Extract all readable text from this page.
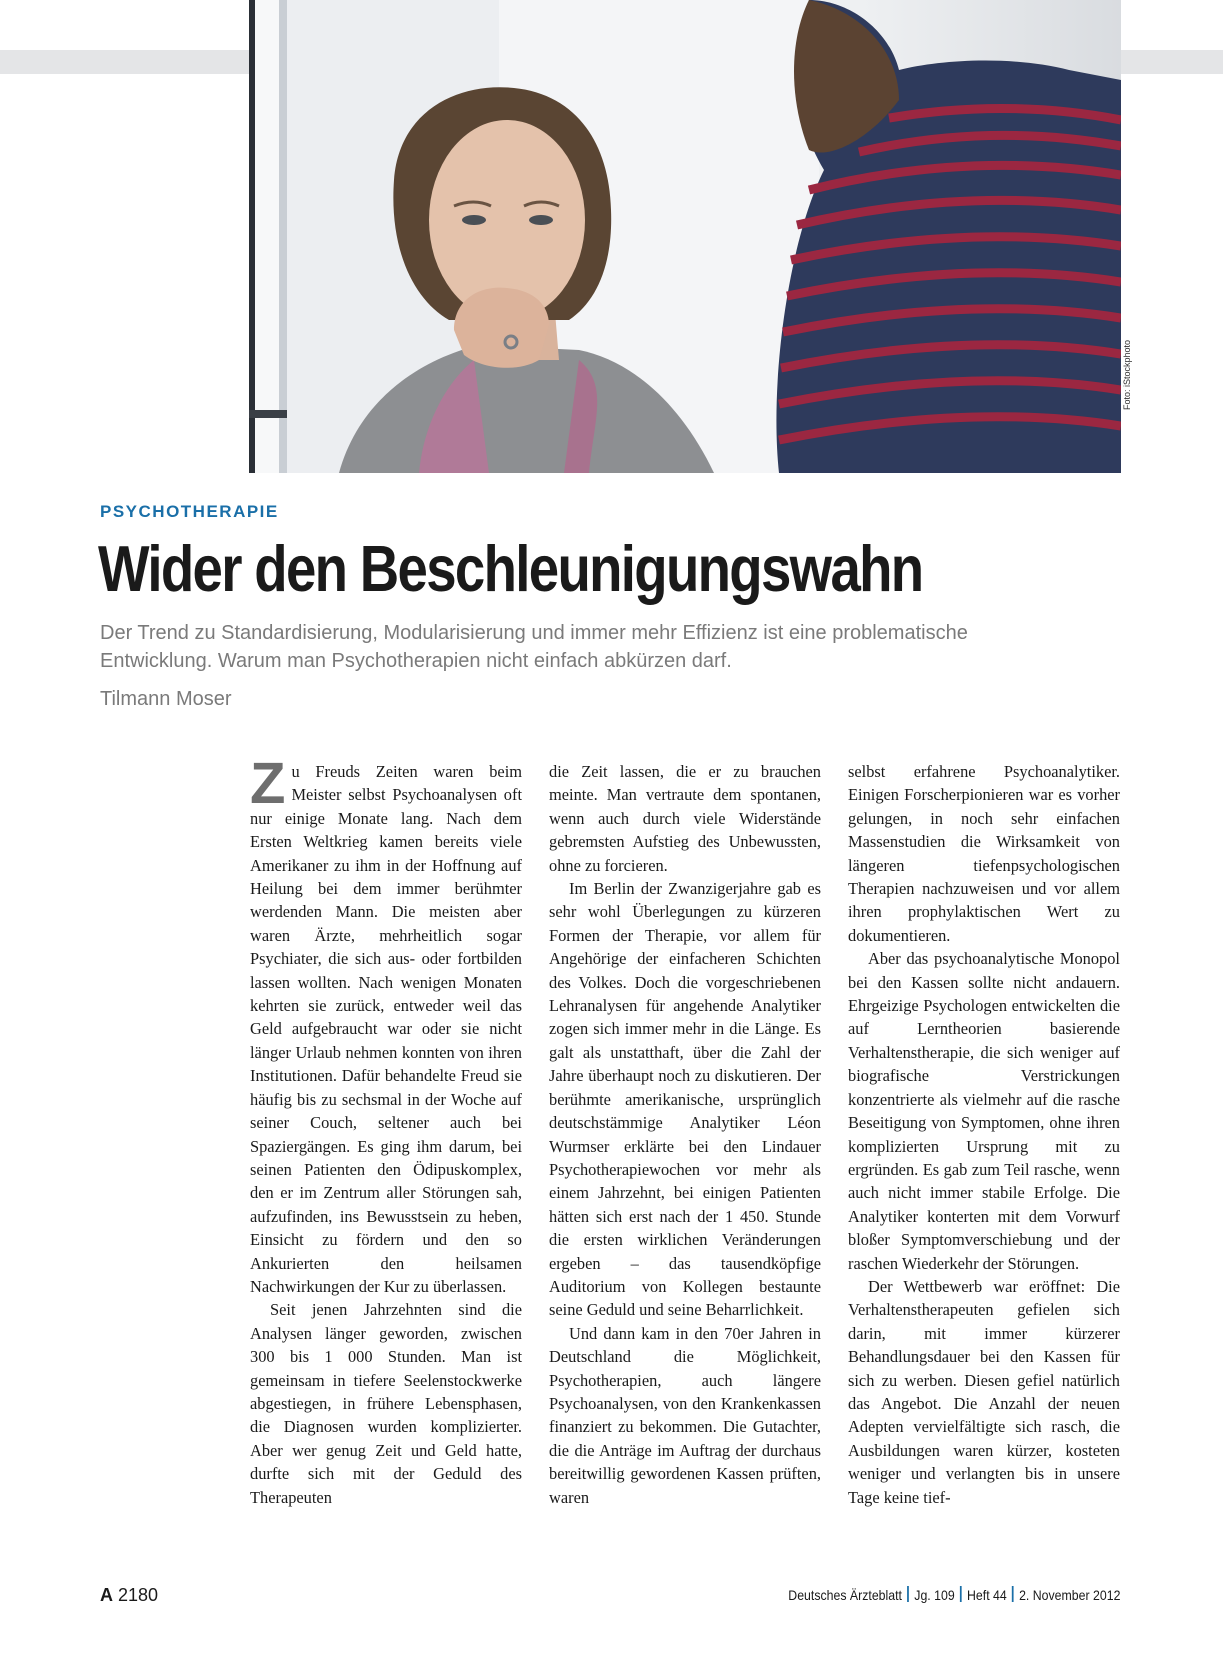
Foto: iStockphoto
PSYCHOTHERAPIE
Wider den Beschleunigungswahn
Der Trend zu Standardisierung, Modularisierung und immer mehr Effizienz ist eine problematische Entwicklung. Warum man Psychotherapien nicht einfach abkürzen darf.
Tilmann Moser

Zu Freuds Zeiten waren beim Meister selbst Psychoanalysen oft nur einige Monate lang. Nach dem Ersten Weltkrieg kamen bereits viele Amerikaner zu ihm in der Hoffnung auf Heilung bei dem immer berühmter werdenden Mann. Die meisten aber waren Ärzte, mehrheitlich sogar Psychiater, die sich aus- oder fortbilden lassen wollten. Nach wenigen Monaten kehrten sie zurück, entweder weil das Geld aufgebraucht war oder sie nicht länger Urlaub nehmen konnten von ihren Institutionen. Dafür behandelte Freud sie häufig bis zu sechsmal in der Woche auf seiner Couch, seltener auch bei Spaziergängen. Es ging ihm darum, bei seinen Patienten den Ödipuskomplex, den er im Zentrum aller Störungen sah, aufzufinden, ins Bewusstsein zu heben, Einsicht zu fördern und den so Ankurierten den heilsamen Nachwirkungen der Kur zu überlassen.

Seit jenen Jahrzehnten sind die Analysen länger geworden, zwischen 300 bis 1 000 Stunden. Man ist gemeinsam in tiefere Seelenstockwerke abgestiegen, in frühere Lebensphasen, die Diagnosen wurden komplizierter. Aber wer genug Zeit und Geld hatte, durfte sich mit der Geduld des Therapeuten

die Zeit lassen, die er zu brauchen meinte. Man vertraute dem spontanen, wenn auch durch viele Widerstände gebremsten Aufstieg des Unbewussten, ohne zu forcieren.

Im Berlin der Zwanzigerjahre gab es sehr wohl Überlegungen zu kürzeren Formen der Therapie, vor allem für Angehörige der einfacheren Schichten des Volkes. Doch die vorgeschriebenen Lehranalysen für angehende Analytiker zogen sich immer mehr in die Länge. Es galt als unstatthaft, über die Zahl der Jahre überhaupt noch zu diskutieren. Der berühmte amerikanische, ursprünglich deutschstämmige Analytiker Léon Wurmser erklärte bei den Lindauer Psychotherapiewochen vor mehr als einem Jahrzehnt, bei einigen Patienten hätten sich erst nach der 1 450. Stunde die ersten wirklichen Veränderungen ergeben – das tausendköpfige Auditorium von Kollegen bestaunte seine Geduld und seine Beharrlichkeit.

Und dann kam in den 70er Jahren in Deutschland die Möglichkeit, Psychotherapien, auch längere Psychoanalysen, von den Krankenkassen finanziert zu bekommen. Die Gutachter, die die Anträge im Auftrag der durchaus bereitwillig gewordenen Kassen prüften, waren

selbst erfahrene Psychoanalytiker. Einigen Forscherpionieren war es vorher gelungen, in noch sehr einfachen Massenstudien die Wirksamkeit von längeren tiefenpsychologischen Therapien nachzuweisen und vor allem ihren prophylaktischen Wert zu dokumentieren.

Aber das psychoanalytische Monopol bei den Kassen sollte nicht andauern. Ehrgeizige Psychologen entwickelten die auf Lerntheorien basierende Verhaltenstherapie, die sich weniger auf biografische Verstrickungen konzentrierte als vielmehr auf die rasche Beseitigung von Symptomen, ohne ihren komplizierten Ursprung mit zu ergründen. Es gab zum Teil rasche, wenn auch nicht immer stabile Erfolge. Die Analytiker konterten mit dem Vorwurf bloßer Symptomverschiebung und der raschen Wiederkehr der Störungen.

Der Wettbewerb war eröffnet: Die Verhaltenstherapeuten gefielen sich darin, mit immer kürzerer Behandlungsdauer bei den Kassen für sich zu werben. Diesen gefiel natürlich das Angebot. Die Anzahl der neuen Adepten vervielfältigte sich rasch, die Ausbildungen waren kürzer, kosteten weniger und verlangten bis in unsere Tage keine tief-

A 2180	Deutsches Ärzteblatt Jg. 109 Heft 44 2. November 2012
